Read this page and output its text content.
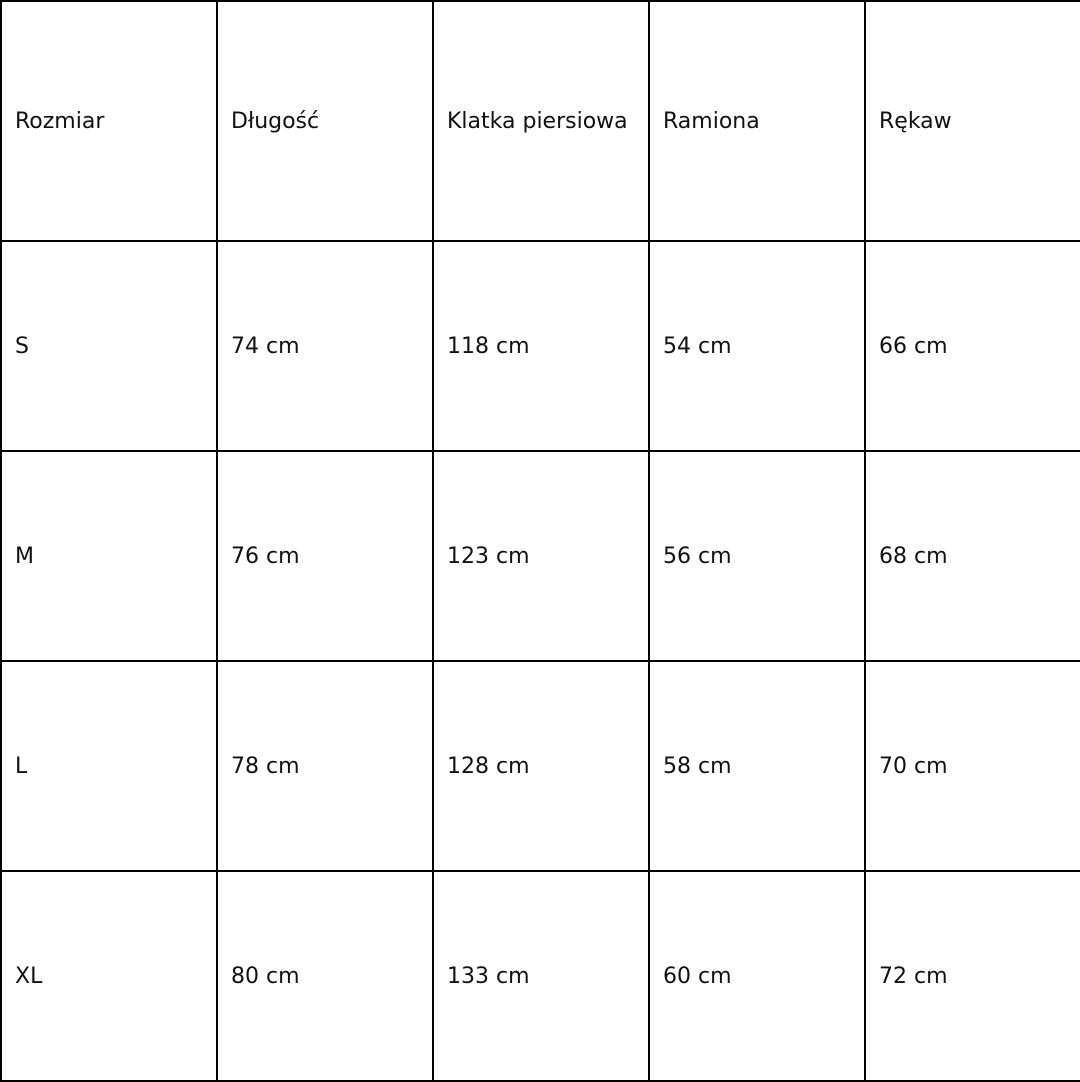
Rozmiar	Długość	Klatka piersiowa	Ramiona	Rękaw
S	74 cm	118 cm	54 cm	66 cm
M	76 cm	123 cm	56 cm	68 cm
L	78 cm	128 cm	58 cm	70 cm
XL	80 cm	133 cm	60 cm	72 cm
